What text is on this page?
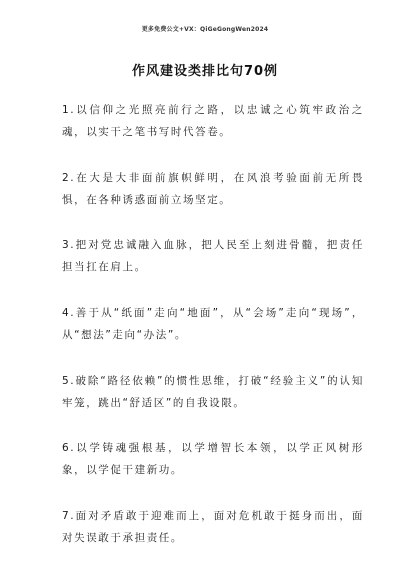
更多免费公文+VX：QiGeGongWen2024
作风建设类排比句70例

1.以信仰之光照亮前行之路，以忠诚之心筑牢政治之魂，以实干之笔书写时代答卷。

2.在大是大非面前旗帜鲜明，在风浪考验面前无所畏惧，在各种诱惑面前立场坚定。

3.把对党忠诚融入血脉，把人民至上刻进骨髓，把责任担当扛在肩上。

4.善于从“纸面”走向“地面”，从“会场”走向“现场”，从“想法”走向“办法”。

5.破除“路径依赖”的惯性思维，打破“经验主义”的认知牢笼，跳出“舒适区”的自我设限。

6.以学铸魂强根基，以学增智长本领，以学正风树形象，以学促干建新功。

7.面对矛盾敢于迎难而上，面对危机敢于挺身而出，面对失误敢于承担责任。
